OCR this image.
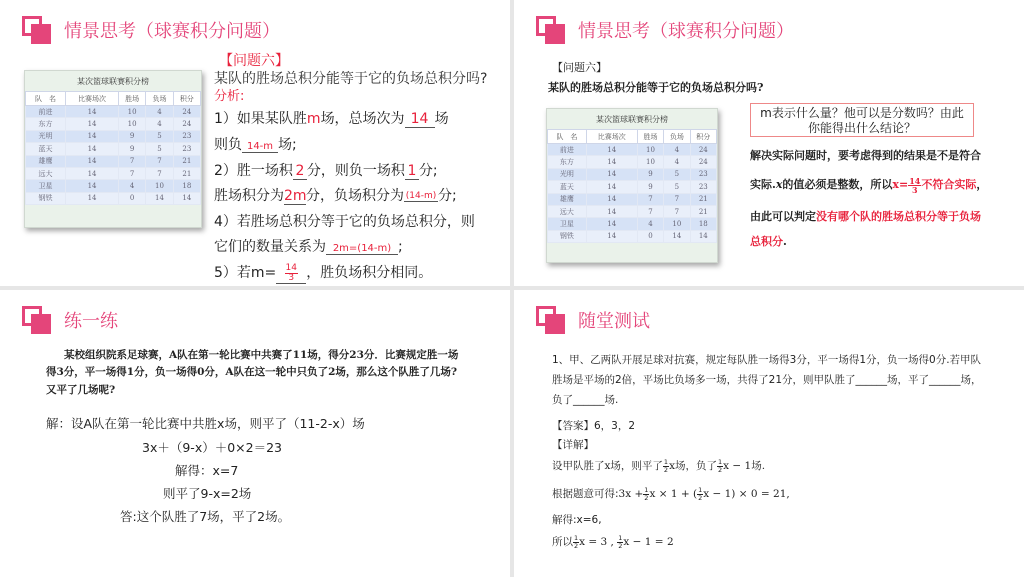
情景思考（球赛积分问题）
某次篮球联赛积分榜
队　名	比赛场次	胜场	负场	积分
前进	14	10	4	24
东方	14	10	4	24
光明	14	9	5	23
蓝天	14	9	5	23
雄鹰	14	7	7	21
远大	14	7	7	21
卫星	14	4	10	18
钢铁	14	0	14	14
【问题六】
某队的胜场总积分能等于它的负场总积分吗?
分析:
1）如果某队胜m场，总场次为 14 场
则负 14-m 场;
2）胜一场积 2 分，则负一场积 1 分;
胜场积分为2m分，负场积分为 (14-m) 分;
4）若胜场总积分等于它的负场总积分，则
它们的数量关系为 2m=(14-m) ;
5）若$m= \frac{14}{3}$ ，胜负场积分相同。
情景思考（球赛积分问题）
【问题六】
某队的胜场总积分能等于它的负场总积分吗?
某次篮球联赛积分榜
队　名	比赛场次	胜场	负场	积分
前进	14	10	4	24
东方	14	10	4	24
光明	14	9	5	23
蓝天	14	9	5	23
雄鹰	14	7	7	21
远大	14	7	7	21
卫星	14	4	10	18
钢铁	14	0	14	14
m表示什么量？他可以是分数吗？由此你能得出什么结论？
解决实际问题时，要考虑得到的结果是不是符合
实际.x的值必须是整数，所以$x= \frac{14}{3}$ 不符合实际，
由此可以判定没有哪个队的胜场总积分等于负场
总积分.
练一练
某校组织院系足球赛，A队在第一轮比赛中共赛了11场，得分23分．比赛规定胜一场
得3分，平一场得1分，负一场得0分，A队在这一轮中只负了2场，那么这个队胜了几场?
又平了几场呢?
解：设A队在第一轮比赛中共胜x场，则平了（11-2-x）场
3x＋（9-x）＋0×2＝23
解得：x=7
则平了9-x=2场
答:这个队胜了7场，平了2场。
随堂测试
1、甲、乙两队开展足球对抗赛，规定每队胜一场得3分，平一场得1分，负一场得0分.若甲队
胜场是平场的2倍，平场比负场多一场，共得了21分，则甲队胜了______场，平了______场，
负了______场.
【答案】6，3，2
【详解】
设甲队胜了x场，则平了 $\frac{1}{2}$ x场，负了 $\frac{1}{2}$ x − 1场.
根据题意可得:3x + $\frac{1}{2}$ x × 1 + ( $\frac{1}{2}$ x − 1) × 0 = 21,
解得:x=6,
所以 $\frac{1}{2}$ x = 3 , $\frac{1}{2}$ x − 1 = 2
